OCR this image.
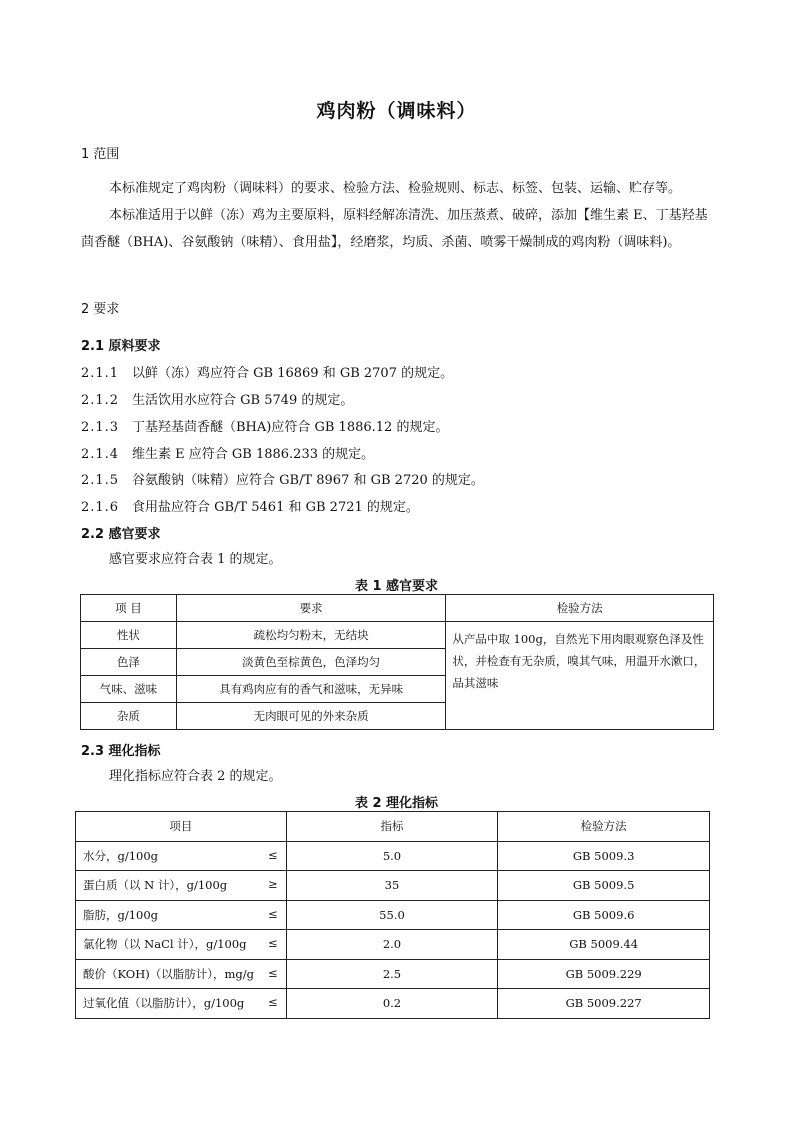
鸡肉粉（调味料）
1 范围
本标准规定了鸡肉粉（调味料）的要求、检验方法、检验规则、标志、标签、包装、运输、贮存等。
本标准适用于以鲜（冻）鸡为主要原料，原料经解冻清洗、加压蒸煮、破碎，添加【维生素 E、丁基羟基茴香醚（BHA)、谷氨酸钠（味精）、食用盐】，经磨浆，均质、杀菌、喷雾干燥制成的鸡肉粉（调味料)。
2 要求
2.1 原料要求
2.1.1 以鲜（冻）鸡应符合 GB 16869 和 GB 2707 的规定。
2.1.2 生活饮用水应符合 GB 5749 的规定。
2.1.3 丁基羟基茴香醚（BHA)应符合 GB 1886.12 的规定。
2.1.4 维生素 E 应符合 GB 1886.233 的规定。
2.1.5 谷氨酸钠（味精）应符合 GB/T 8967 和 GB 2720 的规定。
2.1.6 食用盐应符合 GB/T 5461 和 GB 2721 的规定。
2.2 感官要求
感官要求应符合表 1 的规定。
表 1 感官要求
项 目	要求	检验方法
性状	疏松均匀粉末，无结块	从产品中取 100g，自然光下用肉眼观察色泽及性状，并检查有无杂质，嗅其气味，用温开水漱口，品其滋味
色泽	淡黄色至棕黄色，色泽均匀	
气味、滋味	具有鸡肉应有的香气和滋味，无异味	
杂质	无肉眼可见的外来杂质	
2.3 理化指标
理化指标应符合表 2 的规定。
表 2 理化指标
项目	指标	检验方法
水分，g/100g ≤	5.0	GB 5009.3
蛋白质（以 N 计），g/100g ≥	35	GB 5009.5
脂肪，g/100g ≤	55.0	GB 5009.6
氯化物（以 NaCl 计），g/100g ≤	2.0	GB 5009.44
酸价（KOH)（以脂肪计），mg/g ≤	2.5	GB 5009.229
过氧化值（以脂肪计），g/100g ≤	0.2	GB 5009.227
